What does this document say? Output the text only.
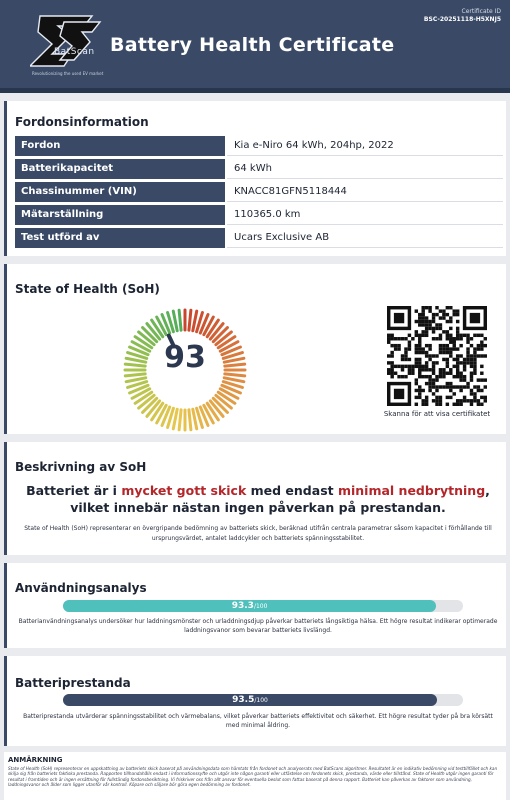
BatScan
Revolutionizing the used EV market
Battery Health Certificate
Certificate ID
BSC-20251118-H5XNJ5
Fordonsinformation
Fordon	Kia e-Niro 64 kWh, 204hp, 2022
Batterikapacitet	64 kWh
Chassinummer (VIN)	KNACC81GFN5118444
Mätarställning	110365.0 km
Test utförd av	Ucars Exclusive AB
State of Health (SoH)
93
Skanna för att visa certifikatet
Beskrivning av SoH
Batteriet är i mycket gott skick med endast minimal nedbrytning, vilket innebär nästan ingen påverkan på prestandan.
State of Health (SoH) representerar en övergripande bedömning av batteriets skick, beräknad utifrån centrala parametrar såsom kapacitet i förhållande till ursprungsvärdet, antalet laddcykler och batteriets spänningsstabilitet.
Användningsanalys
93.3/100
Batterianvändningsanalys undersöker hur laddningsmönster och urladdningsdjup påverkar batteriets långsiktiga hälsa. Ett högre resultat indikerar optimerade laddningsvanor som bevarar batteriets livslängd.
Batteriprestanda
93.5/100
Batteriprestanda utvärderar spänningsstabilitet och värmebalans, vilket påverkar batteriets effektivitet och säkerhet. Ett högre resultat tyder på bra körsätt med minimal åldring.
ANMÄRKNING
State of Health (SoH) representerar en uppskattning av batteriets skick baserat på användningsdata som hämtats från fordonet och analyserats med BatScans algoritmer. Resultatet är en indikativ bedömning vid testtillfället och kan skilja sig från batteriets faktiska prestanda. Rapporten tillhandahålls endast i informationssyfte och utgör inte någon garanti eller utfästelse om fordonets skick, prestanda, värde eller tillstånd. State of Health utgör ingen garanti för resultat i framtiden och är ingen ersättning för fullständig fordonsbesiktning. Vi friskriver oss från allt ansvar för eventuella beslut som fattas baserat på denna rapport. Batteriet kan påverkas av faktorer som användning, laddningsvanor och ålder som ligger utanför vår kontroll. Köpare och säljare bör göra egen bedömning av fordonet.
